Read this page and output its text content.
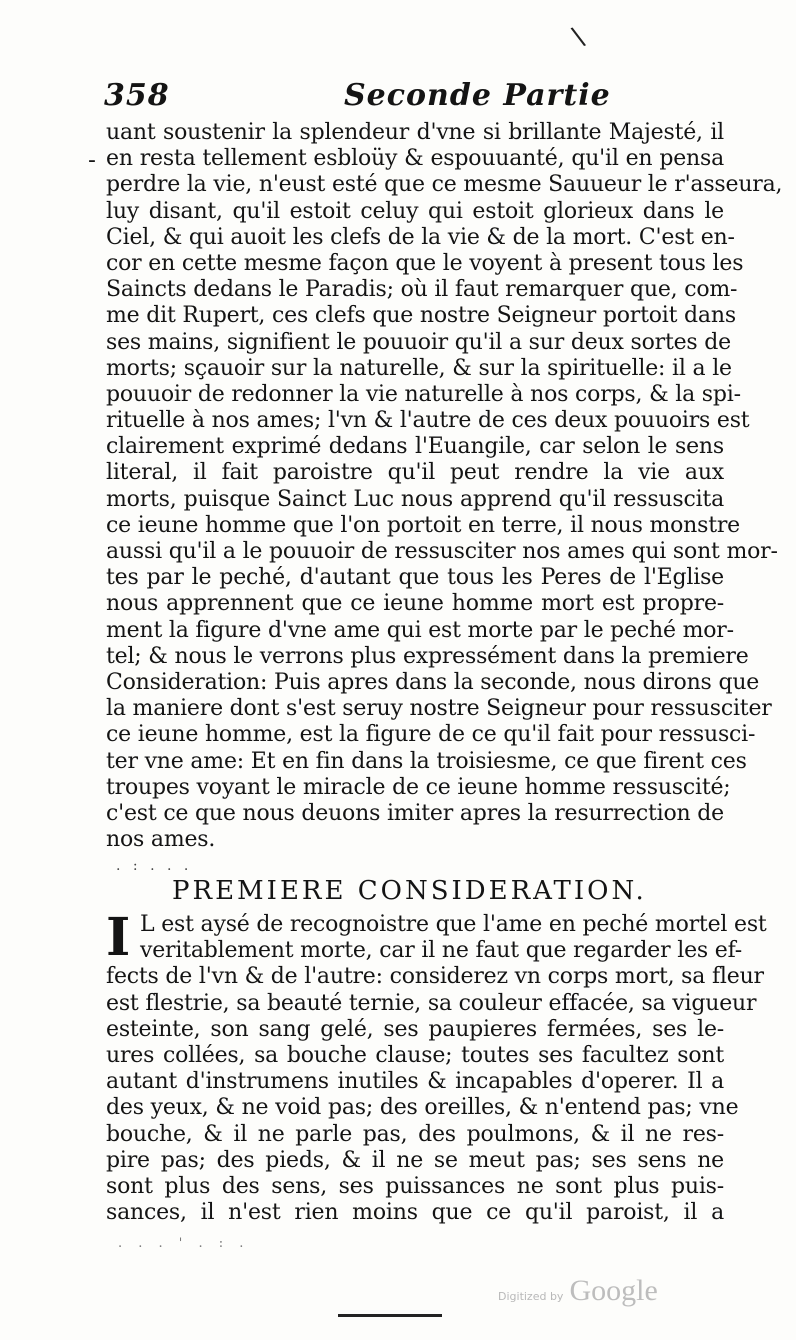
\
358	Seconde Partie
-
uant soustenir la splendeur d'vne si brillante Majesté, il
en resta tellement esbloüy & espouuanté, qu'il en pensa
perdre la vie, n'eust esté que ce mesme Sauueur le r'asseura,
luy disant, qu'il estoit celuy qui estoit glorieux dans le
Ciel, & qui auoit les clefs de la vie & de la mort. C'est en-
cor en cette mesme façon que le voyent à present tous les
Saincts dedans le Paradis; où il faut remarquer que, com-
me dit Rupert, ces clefs que nostre Seigneur portoit dans
ses mains, signifient le pouuoir qu'il a sur deux sortes de
morts; sçauoir sur la naturelle, & sur la spirituelle: il a le
pouuoir de redonner la vie naturelle à nos corps, & la spi-
rituelle à nos ames; l'vn & l'autre de ces deux pouuoirs est
clairement exprimé dedans l'Euangile, car selon le sens
literal, il fait paroistre qu'il peut rendre la vie aux
morts, puisque Sainct Luc nous apprend qu'il ressuscita
ce ieune homme que l'on portoit en terre, il nous monstre
aussi qu'il a le pouuoir de ressusciter nos ames qui sont mor-
tes par le peché, d'autant que tous les Peres de l'Eglise
nous apprennent que ce ieune homme mort est propre-
ment la figure d'vne ame qui est morte par le peché mor-
tel; & nous le verrons plus expressément dans la premiere
Consideration: Puis apres dans la seconde, nous dirons que
la maniere dont s'est seruy nostre Seigneur pour ressusciter
ce ieune homme, est la figure de ce qu'il fait pour ressusci-
ter vne ame: Et en fin dans la troisiesme, ce que firent ces
troupes voyant le miracle de ce ieune homme ressuscité;
c'est ce que nous deuons imiter apres la resurrection de
nos ames.
. : . . .
PREMIERE CONSIDERATION.
I L est aysé de recognoistre que l'ame en peché mortel est
veritablement morte, car il ne faut que regarder les ef-
fects de l'vn & de l'autre: considerez vn corps mort, sa fleur
est flestrie, sa beauté ternie, sa couleur effacée, sa vigueur
esteinte, son sang gelé, ses paupieres fermées, ses le-
ures collées, sa bouche clause; toutes ses facultez sont
autant d'instrumens inutiles & incapables d'operer. Il a
des yeux, & ne void pas; des oreilles, & n'entend pas; vne
bouche, & il ne parle pas, des poulmons, & il ne res-
pire pas; des pieds, & il ne se meut pas; ses sens ne
sont plus des sens, ses puissances ne sont plus puis-
sances, il n'est rien moins que ce qu'il paroist, il a
. . . ' . : .
Digitized by Google
